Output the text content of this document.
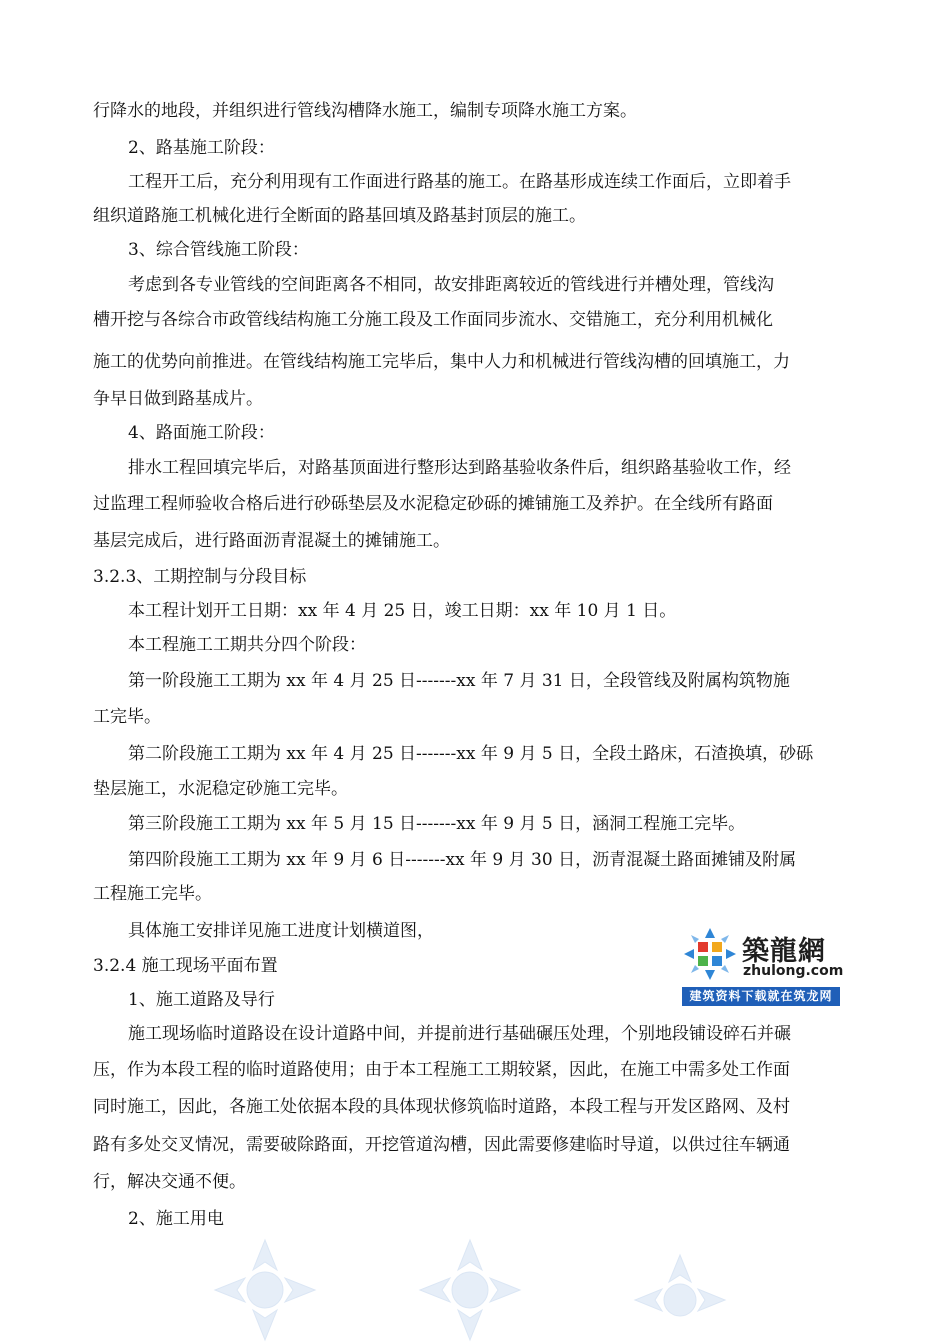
行降水的地段，并组织进行管线沟槽降水施工，编制专项降水施工方案。
2、路基施工阶段：
工程开工后，充分利用现有工作面进行路基的施工。在路基形成连续工作面后，立即着手
组织道路施工机械化进行全断面的路基回填及路基封顶层的施工。
3、综合管线施工阶段：
考虑到各专业管线的空间距离各不相同，故安排距离较近的管线进行并槽处理，管线沟
槽开挖与各综合市政管线结构施工分施工段及工作面同步流水、交错施工，充分利用机械化
施工的优势向前推进。在管线结构施工完毕后，集中人力和机械进行管线沟槽的回填施工，力
争早日做到路基成片。
4、路面施工阶段：
排水工程回填完毕后，对路基顶面进行整形达到路基验收条件后，组织路基验收工作，经
过监理工程师验收合格后进行砂砾垫层及水泥稳定砂砾的摊铺施工及养护。在全线所有路面
基层完成后，进行路面沥青混凝土的摊铺施工。
3.2.3、工期控制与分段目标
本工程计划开工日期：xx 年 4 月 25 日，竣工日期：xx 年 10 月 1 日。
本工程施工工期共分四个阶段：
第一阶段施工工期为 xx 年 4 月 25 日-------xx 年 7 月 31 日，全段管线及附属构筑物施
工完毕。
第二阶段施工工期为 xx 年 4 月 25 日-------xx 年 9 月 5 日，全段土路床，石渣换填，砂砾
垫层施工，水泥稳定砂施工完毕。
第三阶段施工工期为 xx 年 5 月 15 日-------xx 年 9 月 5 日，涵洞工程施工完毕。
第四阶段施工工期为 xx 年 9 月 6 日-------xx 年 9 月 30 日，沥青混凝土路面摊铺及附属
工程施工完毕。
具体施工安排详见施工进度计划横道图，
3.2.4 施工现场平面布置
1、施工道路及导行
施工现场临时道路设在设计道路中间，并提前进行基础碾压处理，个别地段铺设碎石并碾
压，作为本段工程的临时道路使用；由于本工程施工工期较紧，因此，在施工中需多处工作面
同时施工，因此，各施工处依据本段的具体现状修筑临时道路，本段工程与开发区路网、及村
路有多处交叉情况，需要破除路面，开挖管道沟槽，因此需要修建临时导道，以供过往车辆通
行，解决交通不便。
2、施工用电
築龍網
zhulong.com
建筑资料下载就在筑龙网
